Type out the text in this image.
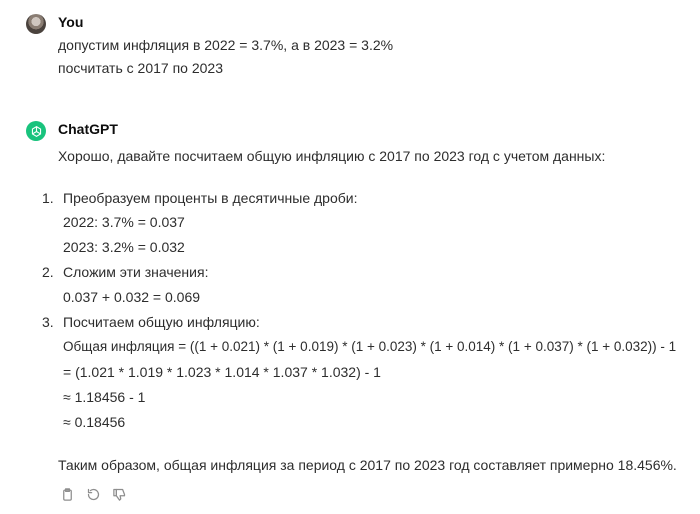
You
допустим инфляция в 2022 = 3.7%, а в 2023 = 3.2%
посчитать с 2017 по 2023
ChatGPT
Хорошо, давайте посчитаем общую инфляцию с 2017 по 2023 год с учетом данных:
1. Преобразуем проценты в десятичные дроби:
2022: 3.7% = 0.037
2023: 3.2% = 0.032
2. Сложим эти значения:
0.037 + 0.032 = 0.069
3. Посчитаем общую инфляцию:
Общая инфляция = ((1 + 0.021) * (1 + 0.019) * (1 + 0.023) * (1 + 0.014) * (1 + 0.037) * (1 + 0.032)) - 1
= (1.021 * 1.019 * 1.023 * 1.014 * 1.037 * 1.032) - 1
≈ 1.18456 - 1
≈ 0.18456
Таким образом, общая инфляция за период с 2017 по 2023 год составляет примерно 18.456%.
